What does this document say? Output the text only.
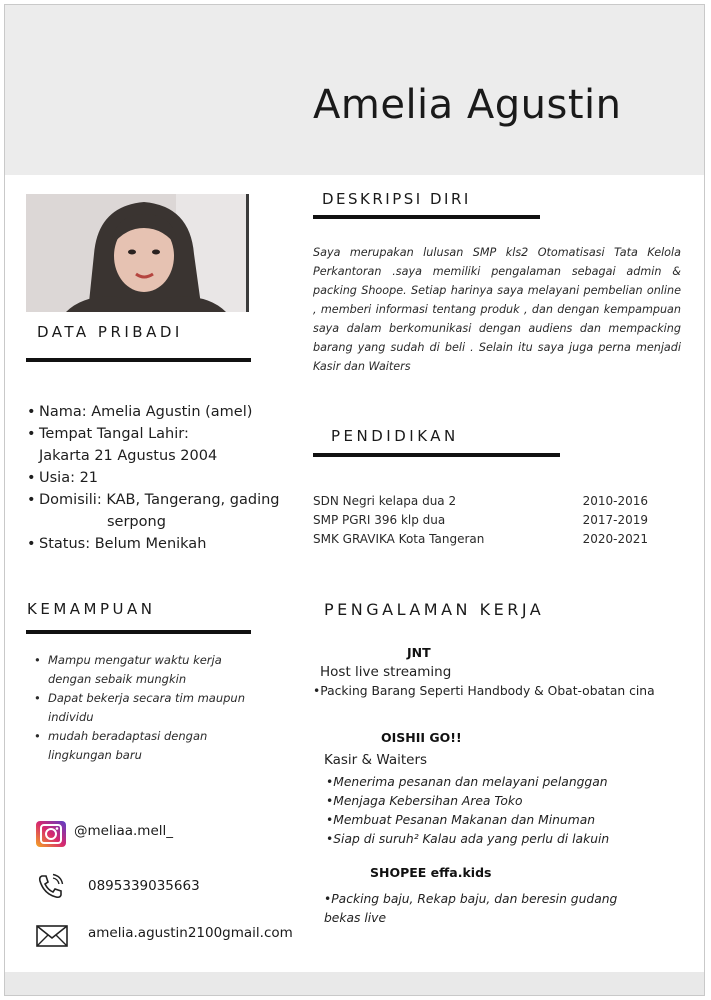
Amelia Agustin
DATA PRIBADI
• Nama: Amelia Agustin (amel)
• Tempat Tangal Lahir:
Jakarta 21 Agustus 2004
• Usia: 21
• Domisili: KAB, Tangerang, gading
serpong
• Status: Belum Menikah
KEMAMPUAN
• Mampu mengatur waktu kerja dengan sebaik mungkin
• Dapat bekerja secara tim maupun individu
• mudah beradaptasi dengan lingkungan baru
@meliaa.mell_
0895339035663
amelia.agustin2100gmail.com
DESKRIPSI DIRI
Saya merupakan lulusan SMP kls2 Otomatisasi Tata Kelola Perkantoran .saya memiliki pengalaman sebagai admin & packing Shoope. Setiap harinya saya melayani pembelian online , memberi informasi tentang produk , dan dengan kempampuan saya dalam berkomunikasi dengan audiens dan mempacking barang yang sudah di beli . Selain itu saya juga perna menjadi Kasir dan Waiters
PENDIDIKAN
SDN Negri kelapa dua 2	2010-2016
SMP PGRI 396 klp dua	2017-2019
SMK GRAVIKA Kota Tangeran	2020-2021
PENGALAMAN KERJA
JNT
Host live streaming
•Packing Barang Seperti Handbody & Obat-obatan cina
OISHII GO!!
Kasir & Waiters
•Menerima pesanan dan melayani pelanggan
•Menjaga Kebersihan Area Toko
•Membuat Pesanan Makanan dan Minuman
•Siap di suruh² Kalau ada yang perlu di lakuin
SHOPEE effa.kids
•Packing baju, Rekap baju, dan beresin gudang bekas live
